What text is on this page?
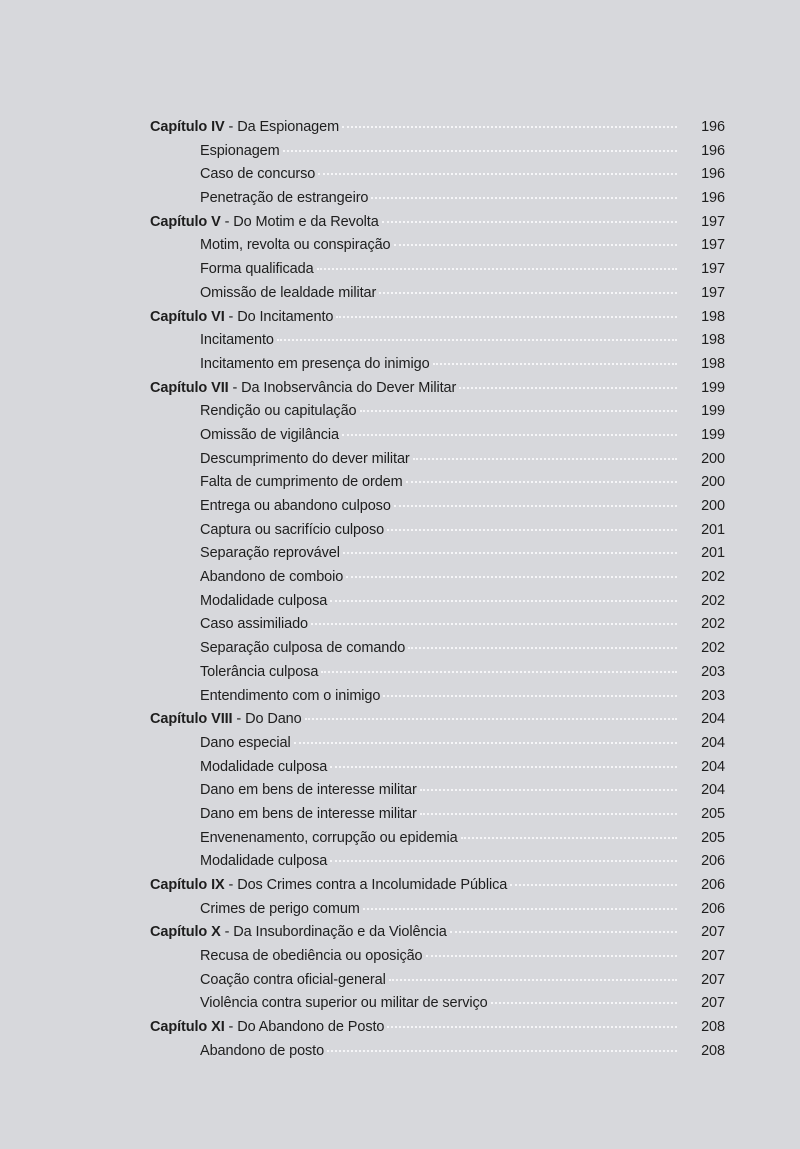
Capítulo IV - Da Espionagem	196
Espionagem	196
Caso de concurso	196
Penetração de estrangeiro	196
Capítulo V - Do Motim e da Revolta	197
Motim, revolta ou conspiração	197
Forma qualificada	197
Omissão de lealdade militar	197
Capítulo VI - Do Incitamento	198
Incitamento	198
Incitamento em presença do inimigo	198
Capítulo VII - Da Inobservância do Dever Militar	199
Rendição ou capitulação	199
Omissão de vigilância	199
Descumprimento do dever militar	200
Falta de cumprimento de ordem	200
Entrega ou abandono culposo	200
Captura ou sacrifício culposo	201
Separação reprovável	201
Abandono de comboio	202
Modalidade culposa	202
Caso assimiliado	202
Separação culposa de comando	202
Tolerância culposa	203
Entendimento com o inimigo	203
Capítulo VIII - Do Dano	204
Dano especial	204
Modalidade culposa	204
Dano em bens de interesse militar	204
Dano em bens de interesse militar	205
Envenenamento, corrupção ou epidemia	205
Modalidade culposa	206
Capítulo IX - Dos Crimes contra a Incolumidade Pública	206
Crimes de perigo comum	206
Capítulo X - Da Insubordinação e da Violência	207
Recusa de obediência ou oposição	207
Coação contra oficial-general	207
Violência contra superior ou militar de serviço	207
Capítulo XI - Do Abandono de Posto	208
Abandono de posto	208
